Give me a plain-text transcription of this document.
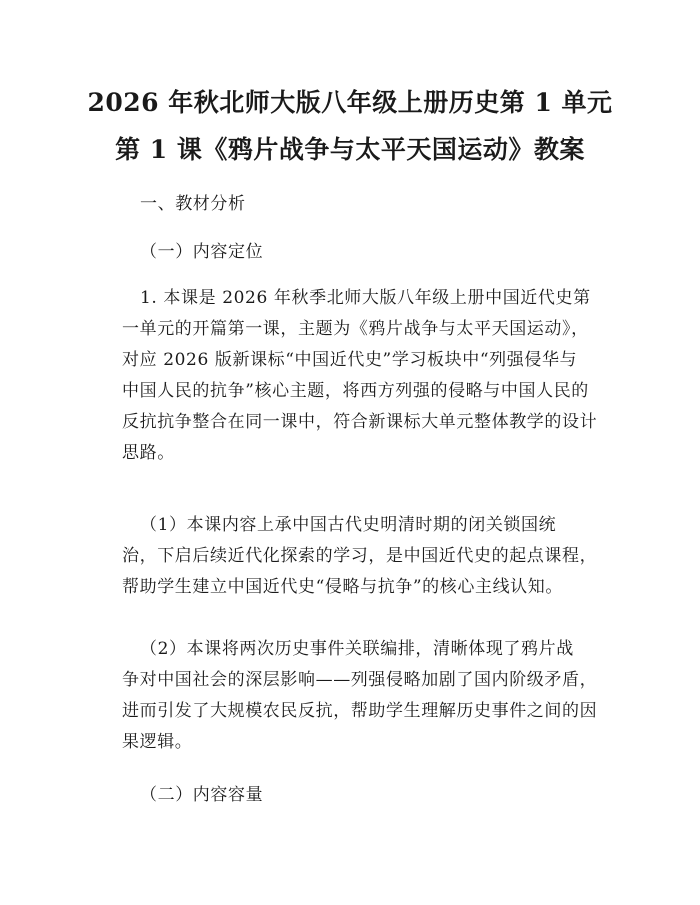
2026 年秋北师大版八年级上册历史第 1 单元
第 1 课《鸦片战争与太平天国运动》教案
一、教材分析
（一）内容定位
1. 本课是 2026 年秋季北师大版八年级上册中国近代史第
一单元的开篇第一课，主题为《鸦片战争与太平天国运动》，
对应 2026 版新课标“中国近代史”学习板块中“列强侵华与
中国人民的抗争”核心主题，将西方列强的侵略与中国人民的
反抗抗争整合在同一课中，符合新课标大单元整体教学的设计
思路。
（1）本课内容上承中国古代史明清时期的闭关锁国统
治，下启后续近代化探索的学习，是中国近代史的起点课程，
帮助学生建立中国近代史“侵略与抗争”的核心主线认知。
（2）本课将两次历史事件关联编排，清晰体现了鸦片战
争对中国社会的深层影响——列强侵略加剧了国内阶级矛盾，
进而引发了大规模农民反抗，帮助学生理解历史事件之间的因
果逻辑。
（二）内容容量
